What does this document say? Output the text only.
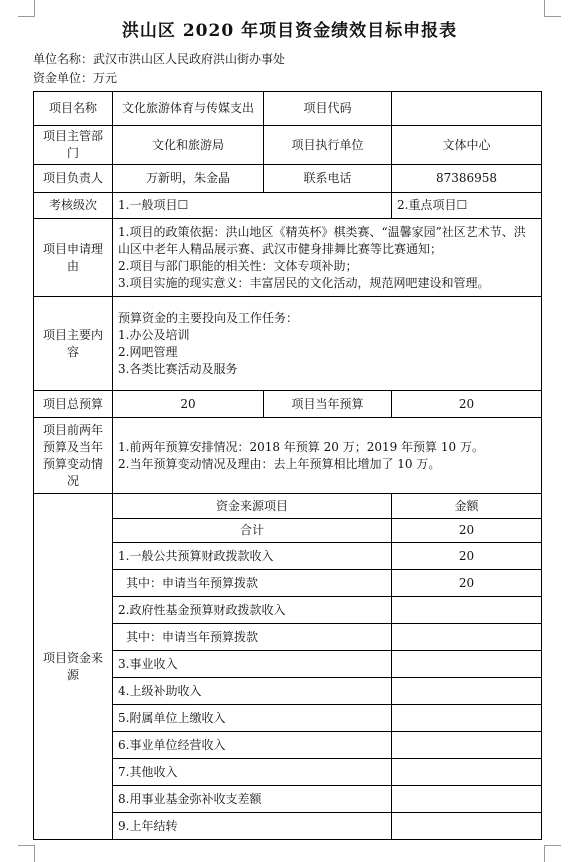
洪山区 2020 年项目资金绩效目标申报表
单位名称：武汉市洪山区人民政府洪山街办事处
资金单位：万元
项目名称	文化旅游体育与传媒支出	项目代码	
项目主管部门	文化和旅游局	项目执行单位	文体中心
项目负责人	万新明，朱金晶	联系电话	87386958
考核级次	1.一般项目☐		2.重点项目☐
项目申请理由	1.项目的政策依据：洪山地区《精英杯》棋类赛、“温馨家园”社区艺术节、洪山区中老年人精品展示赛、武汉市健身排舞比赛等比赛通知；
2.项目与部门职能的相关性：文体专项补助；
3.项目实施的现实意义：丰富居民的文化活动，规范网吧建设和管理。		

项目主要内容	预算资金的主要投向及工作任务：
1.办公及培训
2.网吧管理
3.各类比赛活动及服务		

项目总预算	20	项目当年预算	20
项目前两年预算及当年预算变动情况	1.前两年预算安排情况：2018 年预算 20 万；2019 年预算 10 万。
2.当年预算变动情况及理由：去上年预算相比增加了 10 万。		

项目资金来源	资金来源项目		金额
	合计		20
	1.一般公共预算财政拨款收入		20

	其中：申请当年预算拨款		20
	2.政府性基金预算财政拨款收入		

	其中：申请当年预算拨款		

	3.事业收入		
	4.上级补助收入		
	5.附属单位上缴收入		
	6.事业单位经营收入		
	7.其他收入		
	8.用事业基金弥补收支差额		
	9.上年结转		
